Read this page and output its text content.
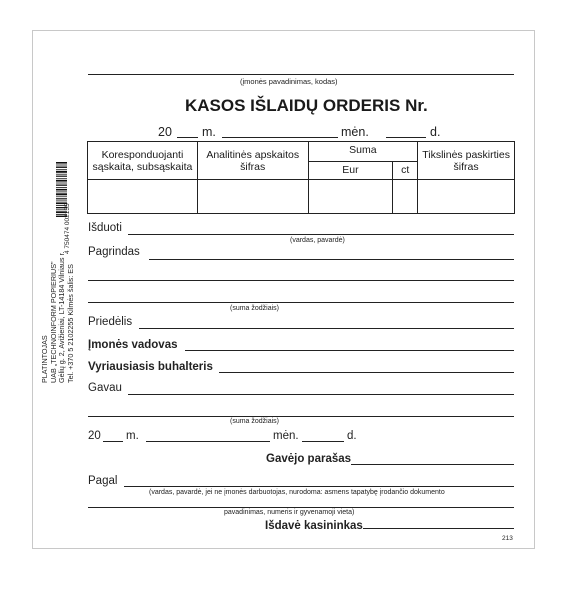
(įmonės pavadinimas, kodas)
KASOS IŠLAIDŲ ORDERIS Nr.
20 m.	mėn.	d.
Koresponduojanti sąskaita, subsąskaita	Analitinės apskaitos šifras	Suma		Tikslinės paskirties šifras
		Eur	ct	

Išduoti
(vardas, pavardė)
Pagrindas
(suma žodžiais)
Priedėlis
Įmonės vadovas
Vyriausiasis buhalteris
Gavau
(suma žodžiais)
20 m.	mėn.	d.
Gavėjo parašas
Pagal
(vardas, pavardė, jei ne įmonės darbuotojas, nurodoma: asmens tapatybę įrodančio dokumento
pavadinimas, numeris ir gyvenamoji vieta)
Išdavė kasininkas
213
4 750474 002135
PLATINTOJAS UAB „TECHNOINFORM POPIERIUS" Gėlių g. 2, Avižieniai, LT-14184 Vilniaus r. Tel. +370 5 2102255 Kilmės šalis: ES
